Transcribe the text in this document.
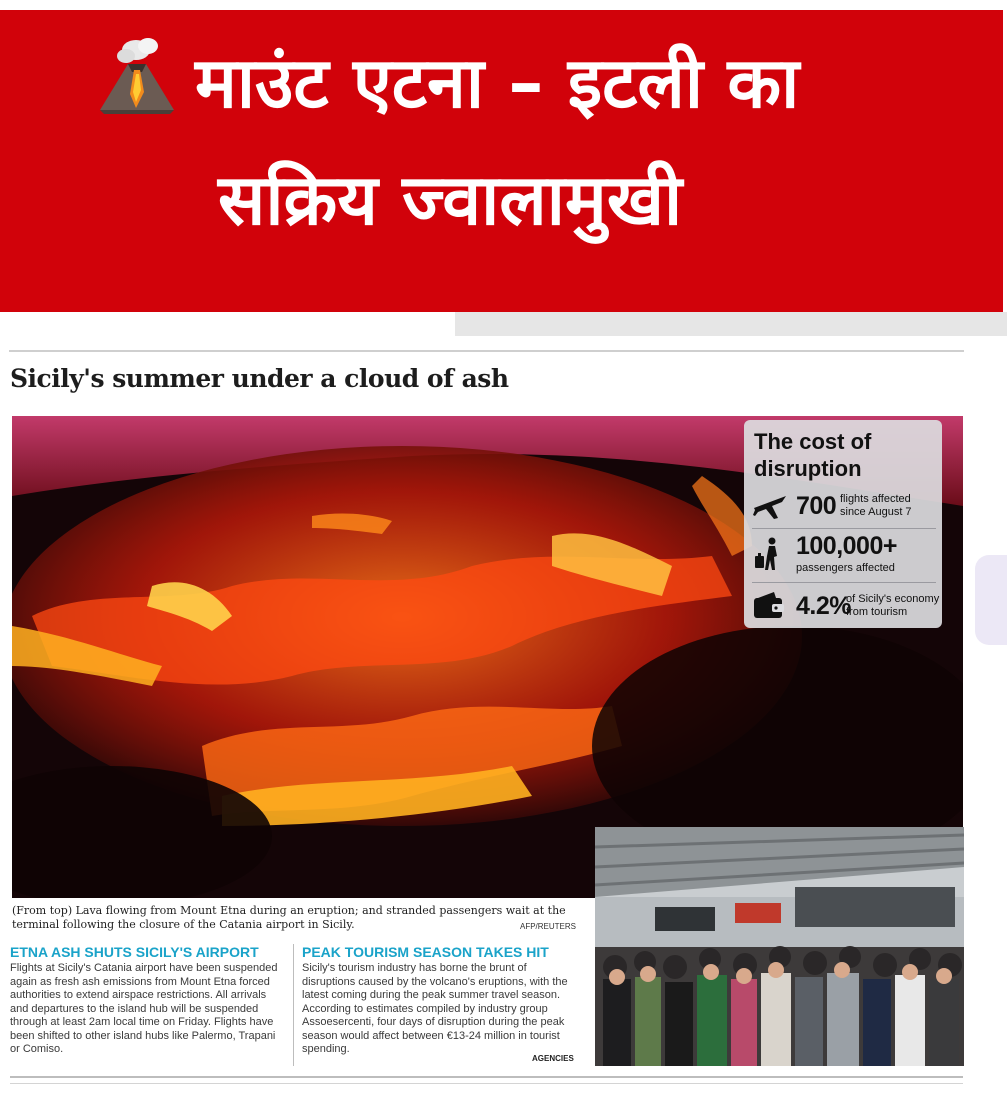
माउंट एटना – इटली का
सक्रिय ज्वालामुखी
Sicily's summer under a cloud of ash
The cost of disruption
700 flights affected
since August 7
100,000+
passengers affected
4.2%
of Sicily's economy
from tourism
(From top) Lava flowing from Mount Etna during an eruption; and stranded passengers wait at the terminal following the closure of the Catania airport in Sicily.	AFP/REUTERS
ETNA ASH SHUTS SICILY'S AIRPORT

Flights at Sicily's Catania airport have been suspended again as fresh ash emissions from Mount Etna forced authorities to extend airspace restrictions. All arrivals and departures to the island hub will be suspended through at least 2am local time on Friday. Flights have been shifted to other island hubs like Palermo, Trapani or Comiso.

PEAK TOURISM SEASON TAKES HIT

Sicily's tourism industry has borne the brunt of disruptions caused by the volcano's eruptions, with the latest coming during the peak summer travel season. According to estimates compiled by industry group Assoesercenti, four days of disruption during the peak season would affect between €13-24 million in tourist spending.

AGENCIES
